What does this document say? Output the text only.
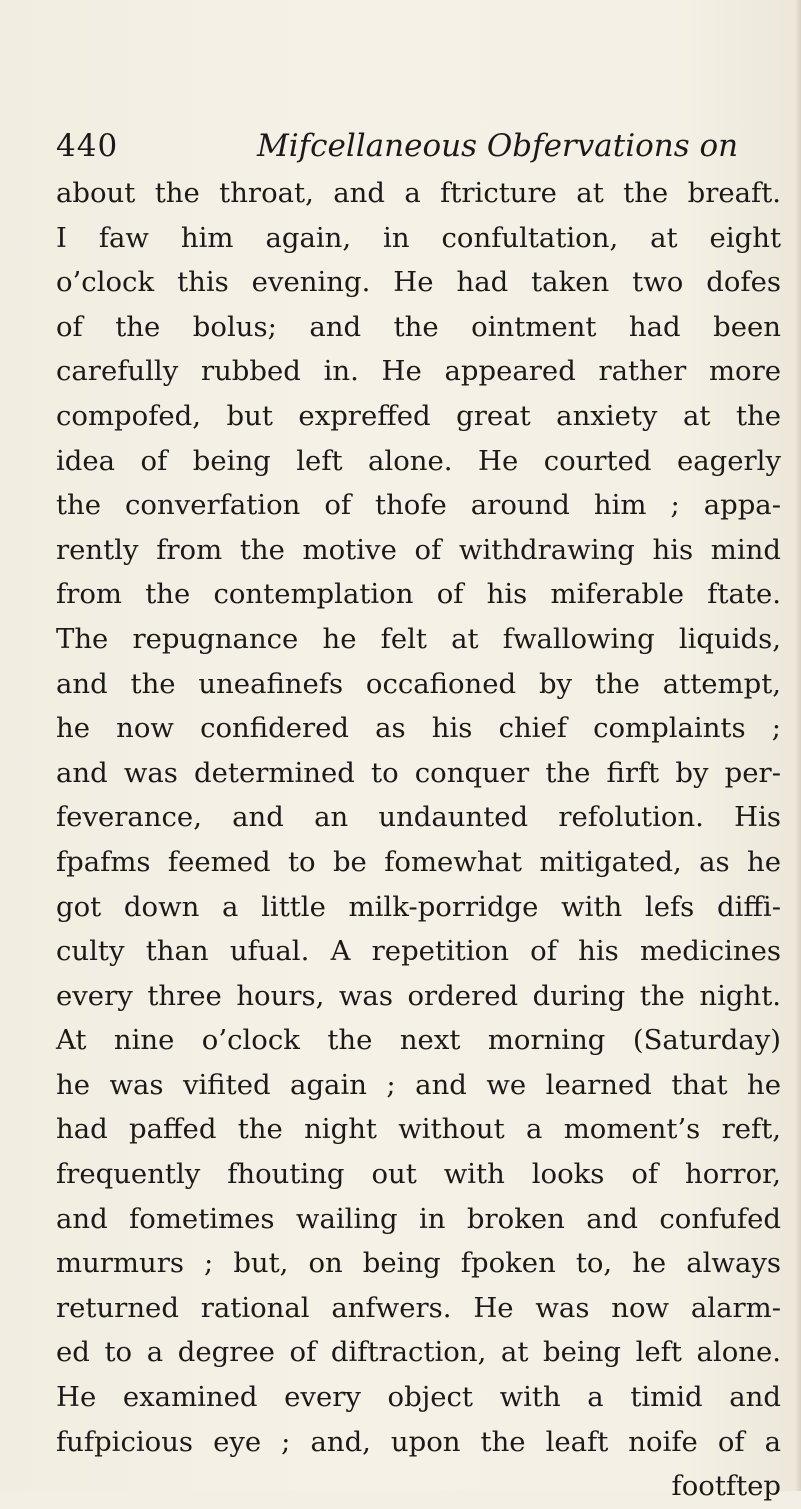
440	Mifcellaneous Obfervations on
about the throat, and a ftricture at the breaft.
I faw him again, in confultation, at eight
o’clock this evening. He had taken two dofes
of the bolus; and the ointment had been
carefully rubbed in. He appeared rather more
compofed, but expreffed great anxiety at the
idea of being left alone. He courted eagerly
the converfation of thofe around him ; appa-
rently from the motive of withdrawing his mind
from the contemplation of his miferable ftate.
The repugnance he felt at fwallowing liquids,
and the uneafinefs occafioned by the attempt,
he now confidered as his chief complaints ;
and was determined to conquer the firft by per-
feverance, and an undaunted refolution. His
fpafms feemed to be fomewhat mitigated, as he
got down a little milk-porridge with lefs diffi-
culty than ufual. A repetition of his medicines
every three hours, was ordered during the night.
At nine o’clock the next morning (Saturday)
he was vifited again ; and we learned that he
had paffed the night without a moment’s reft,
frequently fhouting out with looks of horror,
and fometimes wailing in broken and confufed
murmurs ; but, on being fpoken to, he always
returned rational anfwers. He was now alarm-
ed to a degree of diftraction, at being left alone.
He examined every object with a timid and
fufpicious eye ; and, upon the leaft noife of a
footftep
